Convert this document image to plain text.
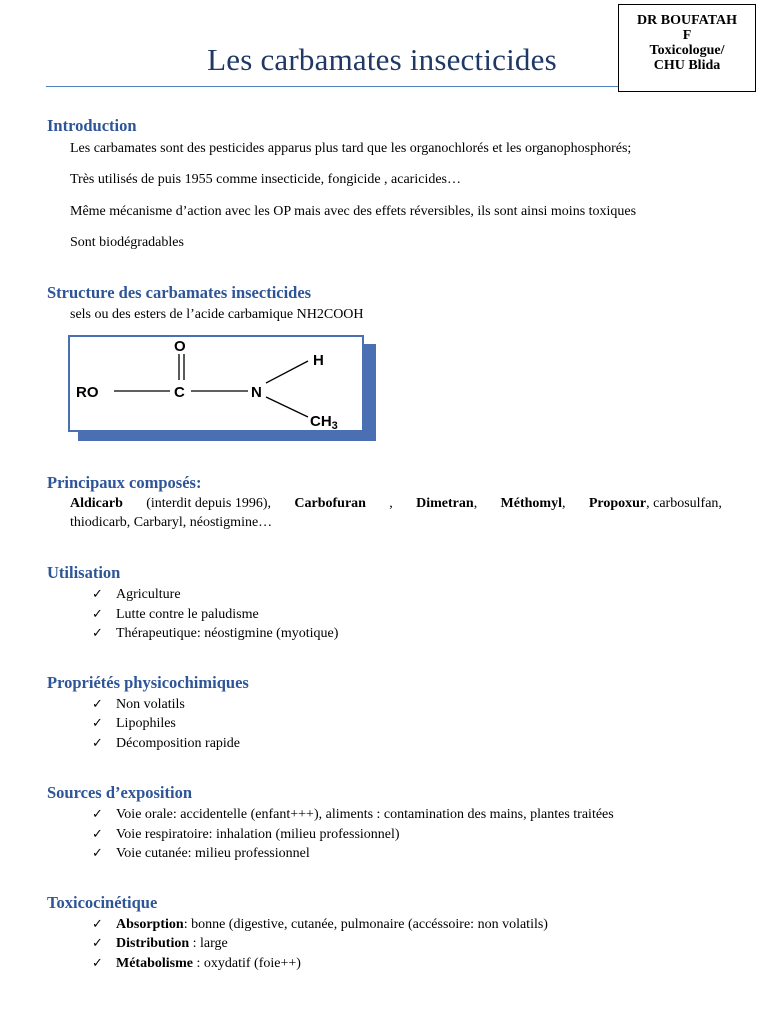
DR BOUFATAH
F
Toxicologue/
CHU Blida
Les carbamates insecticides
Introduction
Les carbamates sont des pesticides apparus plus tard que les organochlorés et les organophosphorés;
Très utilisés de puis 1955 comme insecticide, fongicide , acaricides…
Même mécanisme d’action avec les OP mais avec des effets réversibles, ils sont ainsi moins toxiques
Sont biodégradables
Structure des carbamates insecticides
sels ou des esters de l’acide carbamique NH2COOH
RO	C
O
N
H
$CH_3$
Principaux composés:
Aldicarb (interdit depuis 1996), Carbofuran , Dimetran, Méthomyl, Propoxur, carbosulfan,
thiodicarb, Carbaryl, néostigmine…
Utilisation
✓ Agriculture
✓ Lutte contre le paludisme
✓ Thérapeutique: néostigmine (myotique)
Propriétés physicochimiques
✓ Non volatils
✓ Lipophiles
✓ Décomposition rapide
Sources d’exposition
✓ Voie orale: accidentelle (enfant+++), aliments : contamination des mains, plantes traitées
✓ Voie respiratoire: inhalation (milieu professionnel)
✓ Voie cutanée: milieu professionnel
Toxicocinétique
✓ Absorption: bonne (digestive, cutanée, pulmonaire (accéssoire: non volatils)
✓ Distribution : large
✓ Métabolisme : oxydatif (foie++)
